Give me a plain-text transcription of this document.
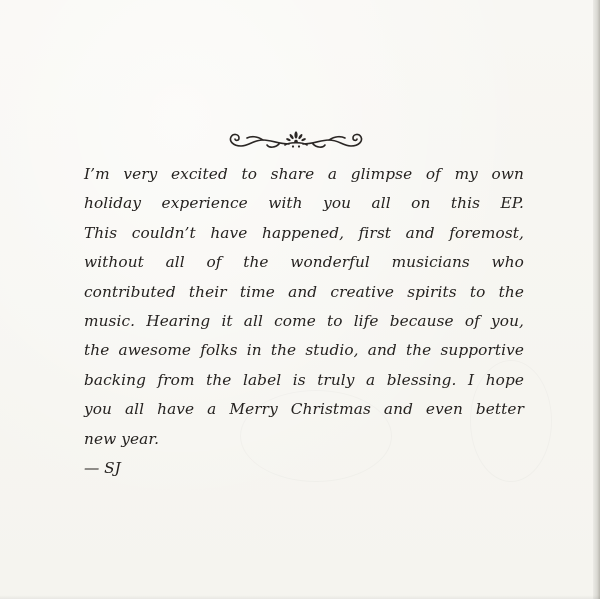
I’m very excited to share a glimpse of my own
holiday experience with you all on this EP.
This couldn’t have happened, first and foremost,
without all of the wonderful musicians who
contributed their time and creative spirits to the
music. Hearing it all come to life because of you,
the awesome folks in the studio, and the supportive
backing from the label is truly a blessing. I hope
you all have a Merry Christmas and even better
new year.
— SJ
